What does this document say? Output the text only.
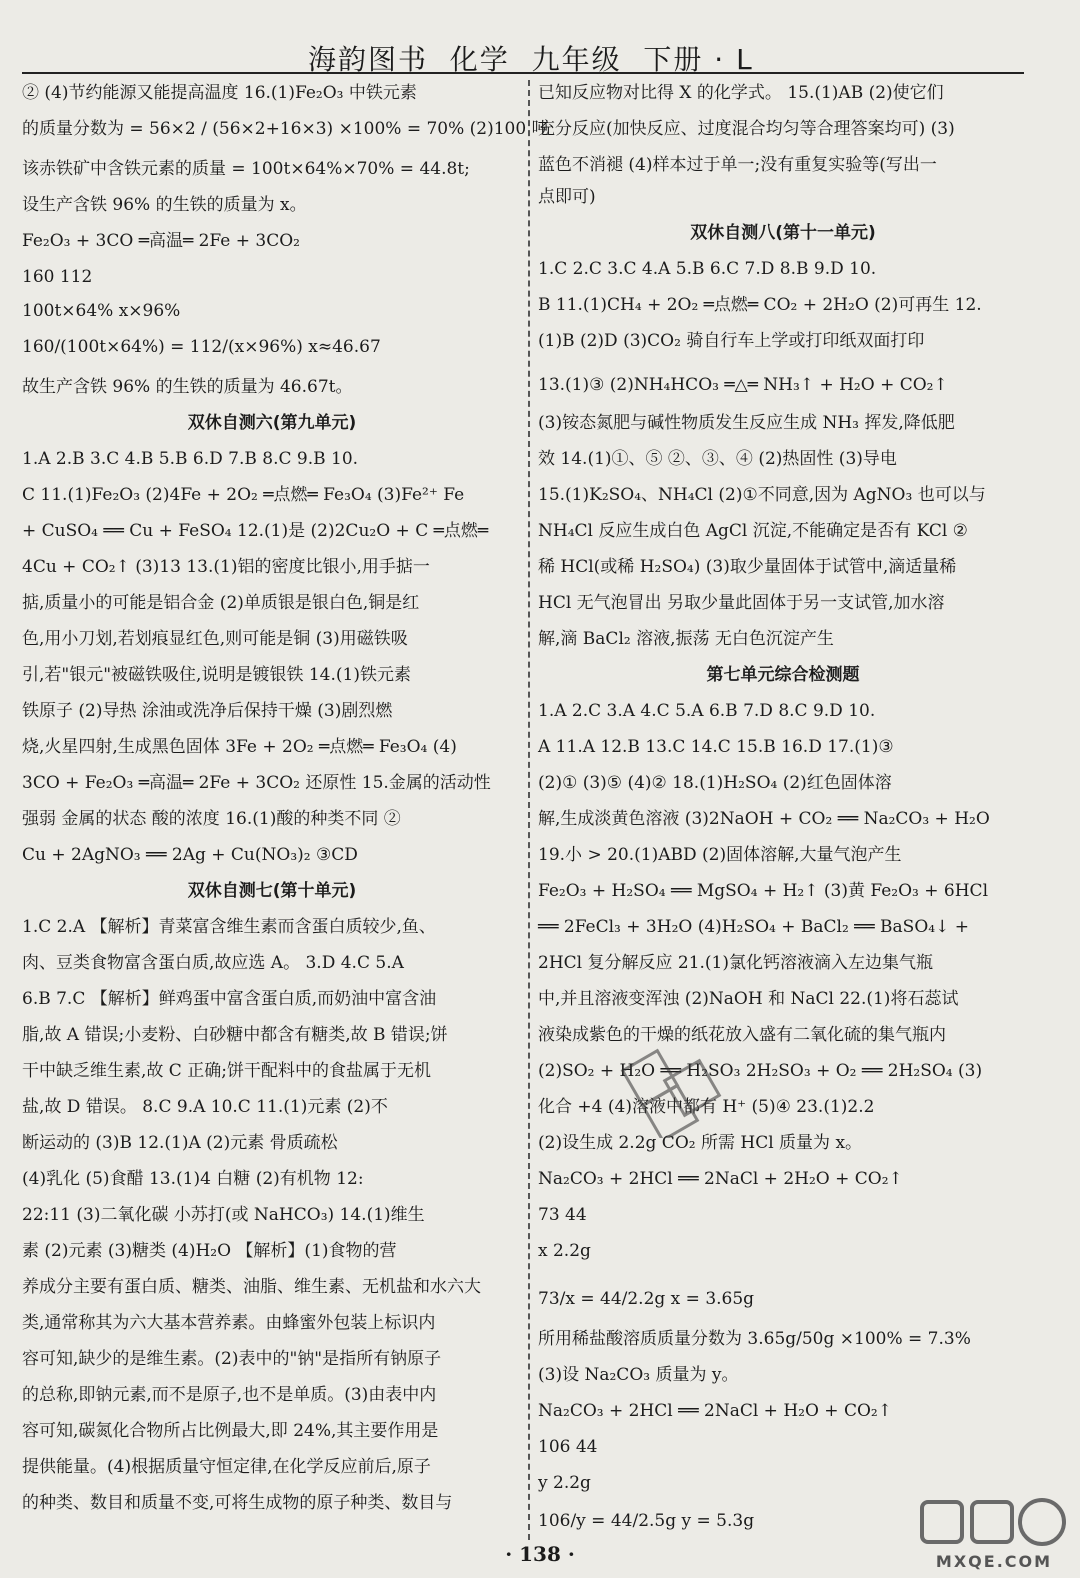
海韵图书  化学  九年级  下册 · L
② (4)节约能源又能提高温度 16.(1)Fe₂O₃ 中铁元素
的质量分数为 = 56×2 / (56×2+16×3) ×100% = 70% (2)100 吨
该赤铁矿中含铁元素的质量 = 100t×64%×70% = 44.8t;
设生产含铁 96% 的生铁的质量为 x。
Fe₂O₃ + 3CO ═高温═ 2Fe + 3CO₂
160 112
100t×64% x×96%
160/(100t×64%) = 112/(x×96%) x≈46.67
故生产含铁 96% 的生铁的质量为 46.67t。
双休自测六(第九单元)
1.A 2.B 3.C 4.B 5.B 6.D 7.B 8.C 9.B 10.
C 11.(1)Fe₂O₃ (2)4Fe + 2O₂ ═点燃═ Fe₃O₄ (3)Fe²⁺ Fe
+ CuSO₄ ══ Cu + FeSO₄ 12.(1)是 (2)2Cu₂O + C ═点燃═
4Cu + CO₂↑ (3)13 13.(1)铝的密度比银小,用手掂一
掂,质量小的可能是铝合金 (2)单质银是银白色,铜是红
色,用小刀划,若划痕显红色,则可能是铜 (3)用磁铁吸
引,若"银元"被磁铁吸住,说明是镀银铁 14.(1)铁元素
铁原子 (2)导热 涂油或洗净后保持干燥 (3)剧烈燃
烧,火星四射,生成黑色固体 3Fe + 2O₂ ═点燃═ Fe₃O₄ (4)
3CO + Fe₂O₃ ═高温═ 2Fe + 3CO₂ 还原性 15.金属的活动性
强弱 金属的状态 酸的浓度 16.(1)酸的种类不同 ②
Cu + 2AgNO₃ ══ 2Ag + Cu(NO₃)₂ ③CD
双休自测七(第十单元)
1.C 2.A 【解析】青菜富含维生素而含蛋白质较少,鱼、
肉、豆类食物富含蛋白质,故应选 A。 3.D 4.C 5.A
6.B 7.C 【解析】鲜鸡蛋中富含蛋白质,而奶油中富含油
脂,故 A 错误;小麦粉、白砂糖中都含有糖类,故 B 错误;饼
干中缺乏维生素,故 C 正确;饼干配料中的食盐属于无机
盐,故 D 错误。 8.C 9.A 10.C 11.(1)元素 (2)不
断运动的 (3)B 12.(1)A (2)元素 骨质疏松
(4)乳化 (5)食醋 13.(1)4 白糖 (2)有机物 12:
22:11 (3)二氧化碳 小苏打(或 NaHCO₃) 14.(1)维生
素 (2)元素 (3)糖类 (4)H₂O 【解析】(1)食物的营
养成分主要有蛋白质、糖类、油脂、维生素、无机盐和水六大
类,通常称其为六大基本营养素。由蜂蜜外包装上标识内
容可知,缺少的是维生素。(2)表中的"钠"是指所有钠原子
的总称,即钠元素,而不是原子,也不是单质。(3)由表中内
容可知,碳氮化合物所占比例最大,即 24%,其主要作用是
提供能量。(4)根据质量守恒定律,在化学反应前后,原子
的种类、数目和质量不变,可将生成物的原子种类、数目与
已知反应物对比得 X 的化学式。 15.(1)AB (2)使它们
充分反应(加快反应、过度混合均匀等合理答案均可) (3)
蓝色不消褪 (4)样本过于单一;没有重复实验等(写出一
点即可)
双休自测八(第十一单元)
1.C 2.C 3.C 4.A 5.B 6.C 7.D 8.B 9.D 10.
B 11.(1)CH₄ + 2O₂ ═点燃═ CO₂ + 2H₂O (2)可再生 12.
(1)B (2)D (3)CO₂ 骑自行车上学或打印纸双面打印
13.(1)③ (2)NH₄HCO₃ ═△═ NH₃↑ + H₂O + CO₂↑
(3)铵态氮肥与碱性物质发生反应生成 NH₃ 挥发,降低肥
效 14.(1)①、⑤ ②、③、④ (2)热固性 (3)导电
15.(1)K₂SO₄、NH₄Cl (2)①不同意,因为 AgNO₃ 也可以与
NH₄Cl 反应生成白色 AgCl 沉淀,不能确定是否有 KCl ②
稀 HCl(或稀 H₂SO₄) (3)取少量固体于试管中,滴适量稀
HCl 无气泡冒出 另取少量此固体于另一支试管,加水溶
解,滴 BaCl₂ 溶液,振荡 无白色沉淀产生
第七单元综合检测题
1.A 2.C 3.A 4.C 5.A 6.B 7.D 8.C 9.D 10.
A 11.A 12.B 13.C 14.C 15.B 16.D 17.(1)③
(2)① (3)⑤ (4)② 18.(1)H₂SO₄ (2)红色固体溶
解,生成淡黄色溶液 (3)2NaOH + CO₂ ══ Na₂CO₃ + H₂O
19.小 > 20.(1)ABD (2)固体溶解,大量气泡产生
Fe₂O₃ + H₂SO₄ ══ MgSO₄ + H₂↑ (3)黄 Fe₂O₃ + 6HCl
══ 2FeCl₃ + 3H₂O (4)H₂SO₄ + BaCl₂ ══ BaSO₄↓ +
2HCl 复分解反应 21.(1)氯化钙溶液滴入左边集气瓶
中,并且溶液变浑浊 (2)NaOH 和 NaCl 22.(1)将石蕊试
液染成紫色的干燥的纸花放入盛有二氧化硫的集气瓶内
(2)SO₂ + H₂O ══ H₂SO₃ 2H₂SO₃ + O₂ ══ 2H₂SO₄ (3)
化合 +4 (4)溶液中都有 H⁺ (5)④ 23.(1)2.2
(2)设生成 2.2g CO₂ 所需 HCl 质量为 x。
Na₂CO₃ + 2HCl ══ 2NaCl + 2H₂O + CO₂↑
73 44
x 2.2g
73/x = 44/2.2g x = 3.65g
所用稀盐酸溶质质量分数为 3.65g/50g ×100% = 7.3%
(3)设 Na₂CO₃ 质量为 y。
Na₂CO₃ + 2HCl ══ 2NaCl + H₂O + CO₂↑
106 44
y 2.2g
106/y = 44/2.5g y = 5.3g
· 138 ·	MXQE.COM
